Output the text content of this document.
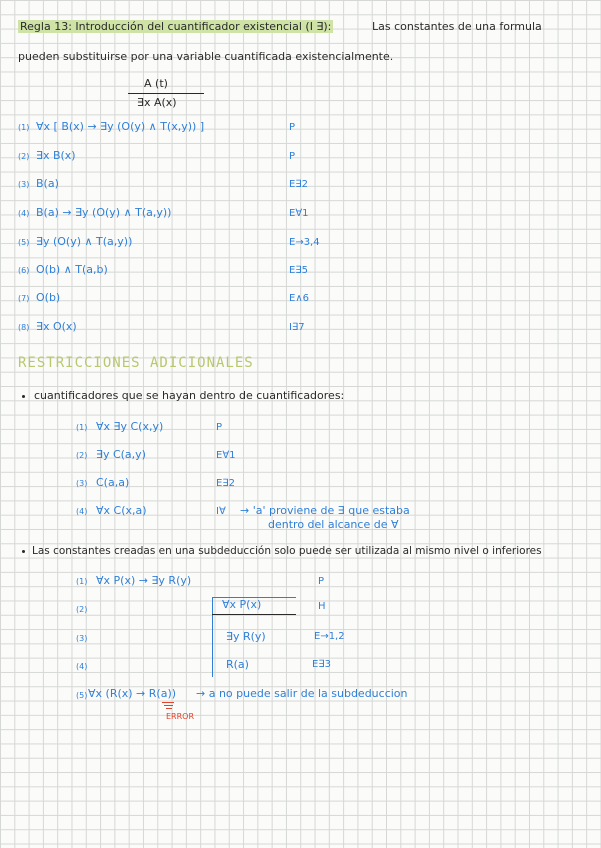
Regla 13: Introducción del cuantificador existencial (I ∃):	Las constantes de una formula
pueden substituirse por una variable cuantificada existencialmente.
A (t)
∃x A(x)
(1) ∀x [ B(x) → ∃y (O(y) ∧ T(x,y)) ]	P
(2) ∃x B(x)	P
(3) B(a)	E∃2
(4) B(a) → ∃y (O(y) ∧ T(a,y))	E∀1
(5) ∃y (O(y) ∧ T(a,y))	E→3,4
(6) O(b) ∧ T(a,b)	E∃5
(7) O(b)	E∧6
(8) ∃x O(x)	I∃7
RESTRICCIONES ADICIONALES
cuantificadores que se hayan dentro de cuantificadores:
(1) ∀x ∃y C(x,y)	P
(2) ∃y C(a,y)	E∀1
(3) C(a,a)	E∃2
(4) ∀x C(x,a)	I∀ → 'a' proviene de ∃ que estaba
dentro del alcance de ∀
Las constantes creadas en una subdeducción solo puede ser utilizada al mismo nivel o inferiores
(1) ∀x P(x) → ∃y R(y)	P
(2)	∀x P(x)	H
(3)	∃y R(y)	E→1,2
(4)	R(a)	E∃3
(5) ∀x (R(x) → R(a)) → a no puede salir de la subdeduccion
ERROR
